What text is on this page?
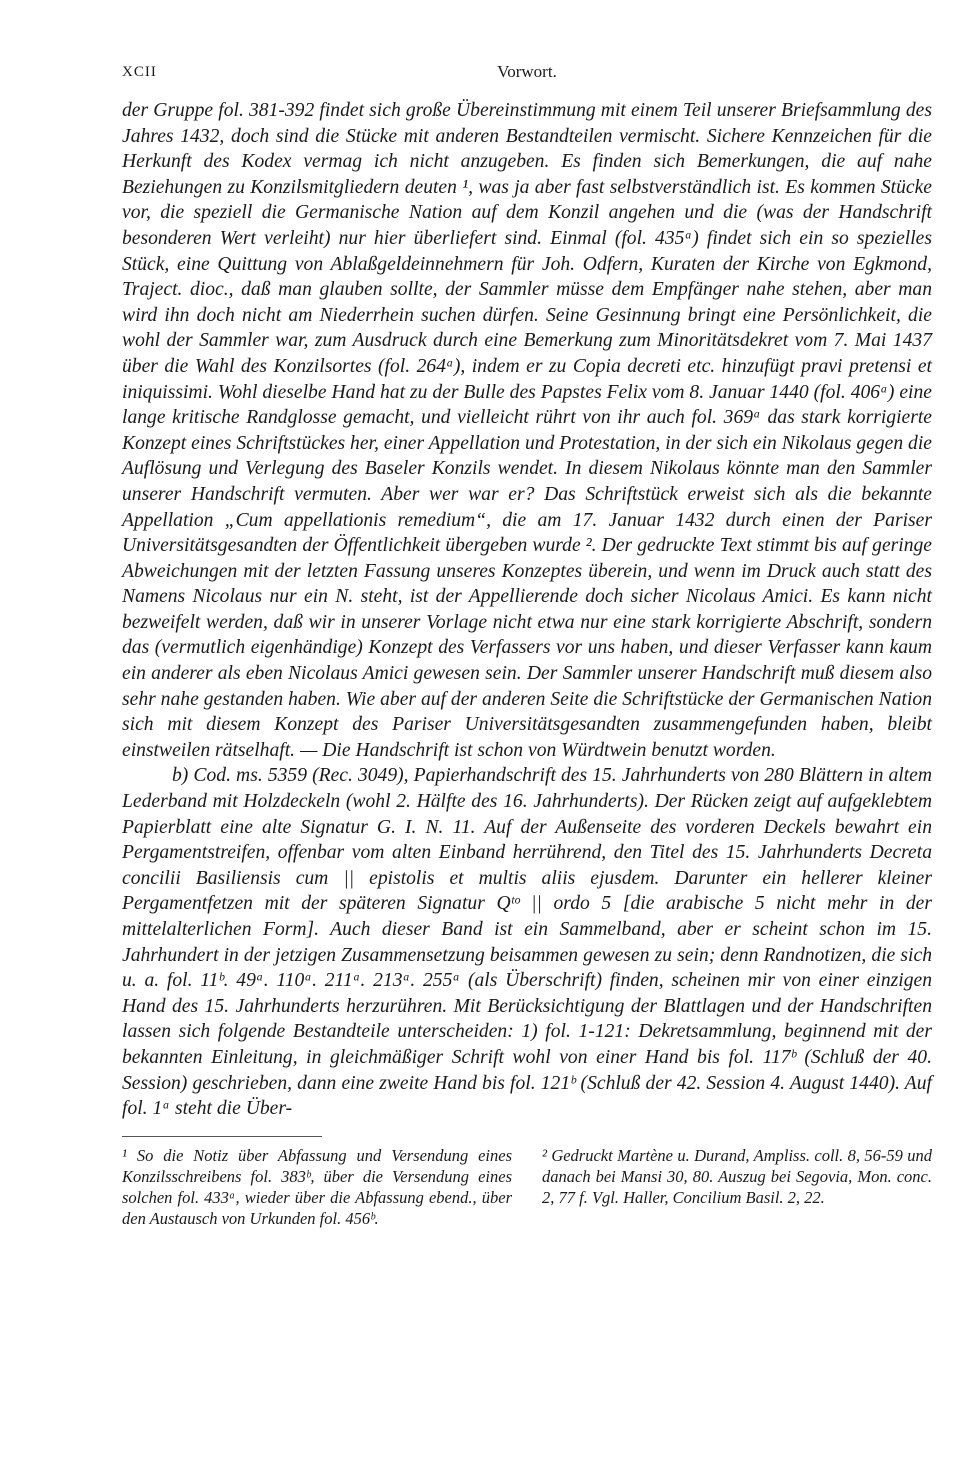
XCII	Vorwort.

der Gruppe fol. 381-392 findet sich große Übereinstimmung mit einem Teil unserer Briefsammlung des Jahres 1432, doch sind die Stücke mit anderen Bestandteilen vermischt. Sichere Kennzeichen für die Herkunft des Kodex vermag ich nicht anzugeben. Es finden sich Bemerkungen, die auf nahe Beziehungen zu Konzilsmitgliedern deuten ¹, was ja aber fast selbstverständlich ist. Es kommen Stücke vor, die speziell die Germanische Nation auf dem Konzil angehen und die (was der Handschrift besonderen Wert verleiht) nur hier überliefert sind. Einmal (fol. 435ᵃ) findet sich ein so spezielles Stück, eine Quittung von Ablaßgeldeinnehmern für Joh. Odfern, Kuraten der Kirche von Egkmond, Traject. dioc., daß man glauben sollte, der Sammler müsse dem Empfänger nahe stehen, aber man wird ihn doch nicht am Niederrhein suchen dürfen. Seine Gesinnung bringt eine Persönlichkeit, die wohl der Sammler war, zum Ausdruck durch eine Bemerkung zum Minoritätsdekret vom 7. Mai 1437 über die Wahl des Konzilsortes (fol. 264ᵃ), indem er zu Copia decreti etc. hinzufügt pravi pretensi et iniquissimi. Wohl dieselbe Hand hat zu der Bulle des Papstes Felix vom 8. Januar 1440 (fol. 406ᵃ) eine lange kritische Randglosse gemacht, und vielleicht rührt von ihr auch fol. 369ᵃ das stark korrigierte Konzept eines Schriftstückes her, einer Appellation und Protestation, in der sich ein Nikolaus gegen die Auflösung und Verlegung des Baseler Konzils wendet. In diesem Nikolaus könnte man den Sammler unserer Handschrift vermuten. Aber wer war er? Das Schriftstück erweist sich als die bekannte Appellation „Cum appellationis remedium“, die am 17. Januar 1432 durch einen der Pariser Universitätsgesandten der Öffentlichkeit übergeben wurde ². Der gedruckte Text stimmt bis auf geringe Abweichungen mit der letzten Fassung unseres Konzeptes überein, und wenn im Druck auch statt des Namens Nicolaus nur ein N. steht, ist der Appellierende doch sicher Nicolaus Amici. Es kann nicht bezweifelt werden, daß wir in unserer Vorlage nicht etwa nur eine stark korrigierte Abschrift, sondern das (vermutlich eigenhändige) Konzept des Verfassers vor uns haben, und dieser Verfasser kann kaum ein anderer als eben Nicolaus Amici gewesen sein. Der Sammler unserer Handschrift muß diesem also sehr nahe gestanden haben. Wie aber auf der anderen Seite die Schriftstücke der Germanischen Nation sich mit diesem Konzept des Pariser Universitätsgesandten zusammengefunden haben, bleibt einstweilen rätselhaft. — Die Handschrift ist schon von Würdtwein benutzt worden.

b) Cod. ms. 5359 (Rec. 3049), Papierhandschrift des 15. Jahrhunderts von 280 Blättern in altem Lederband mit Holzdeckeln (wohl 2. Hälfte des 16. Jahrhunderts). Der Rücken zeigt auf aufgeklebtem Papierblatt eine alte Signatur G. I. N. 11. Auf der Außenseite des vorderen Deckels bewahrt ein Pergamentstreifen, offenbar vom alten Einband herrührend, den Titel des 15. Jahrhunderts Decreta concilii Basiliensis cum || epistolis et multis aliis ejusdem. Darunter ein hellerer kleiner Pergamentfetzen mit der späteren Signatur Qᵗᵒ || ordo 5 [die arabische 5 nicht mehr in der mittelalterlichen Form]. Auch dieser Band ist ein Sammelband, aber er scheint schon im 15. Jahrhundert in der jetzigen Zusammensetzung beisammen gewesen zu sein; denn Randnotizen, die sich u. a. fol. 11ᵇ. 49ᵃ. 110ᵃ. 211ᵃ. 213ᵃ. 255ᵃ (als Überschrift) finden, scheinen mir von einer einzigen Hand des 15. Jahrhunderts herzurühren. Mit Berücksichtigung der Blattlagen und der Handschriften lassen sich folgende Bestandteile unterscheiden: 1) fol. 1-121: Dekretsammlung, beginnend mit der bekannten Einleitung, in gleichmäßiger Schrift wohl von einer Hand bis fol. 117ᵇ (Schluß der 40. Session) geschrieben, dann eine zweite Hand bis fol. 121ᵇ (Schluß der 42. Session 4. August 1440). Auf fol. 1ᵃ steht die Über-

¹ So die Notiz über Abfassung und Versendung eines Konzilsschreibens fol. 383ᵇ, über die Versendung eines solchen fol. 433ᵃ, wieder über die Abfassung ebend., über den Austausch von Urkunden fol. 456ᵇ.

² Gedruckt Martène u. Durand, Ampliss. coll. 8, 56-59 und danach bei Mansi 30, 80. Auszug bei Segovia, Mon. conc. 2, 77 f. Vgl. Haller, Concilium Basil. 2, 22.
